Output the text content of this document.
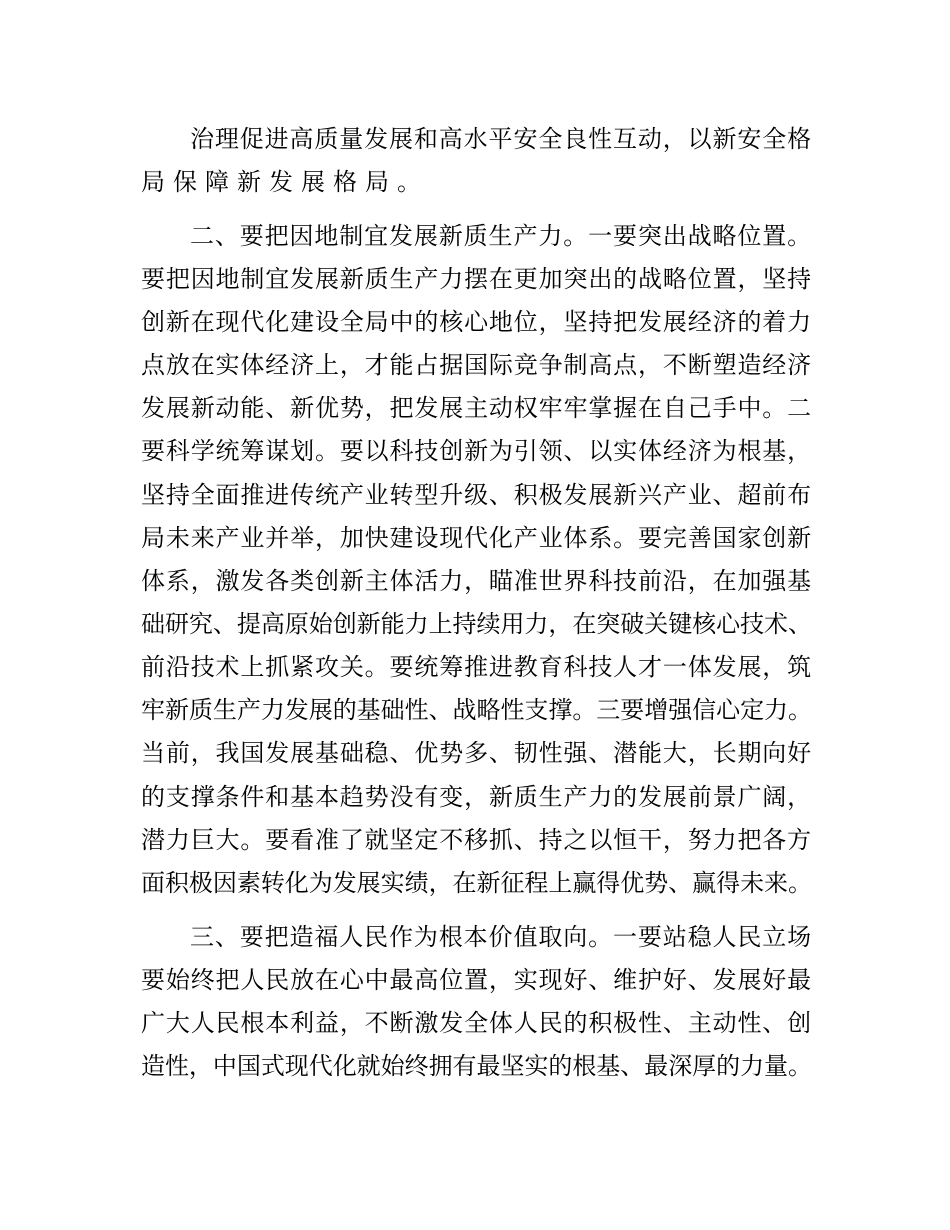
治理促进高质量发展和高水平安全良性互动，以新安全格
局保障新发展格局。
二、要把因地制宜发展新质生产力。一要突出战略位置。
要把因地制宜发展新质生产力摆在更加突出的战略位置，坚持
创新在现代化建设全局中的核心地位，坚持把发展经济的着力
点放在实体经济上，才能占据国际竞争制高点，不断塑造经济
发展新动能、新优势，把发展主动权牢牢掌握在自己手中。二
要科学统筹谋划。要以科技创新为引领、以实体经济为根基，
坚持全面推进传统产业转型升级、积极发展新兴产业、超前布
局未来产业并举，加快建设现代化产业体系。要完善国家创新
体系，激发各类创新主体活力，瞄准世界科技前沿，在加强基
础研究、提高原始创新能力上持续用力，在突破关键核心技术、
前沿技术上抓紧攻关。要统筹推进教育科技人才一体发展，筑
牢新质生产力发展的基础性、战略性支撑。三要增强信心定力。
当前，我国发展基础稳、优势多、韧性强、潜能大，长期向好
的支撑条件和基本趋势没有变，新质生产力的发展前景广阔，
潜力巨大。要看准了就坚定不移抓、持之以恒干，努力把各方
面积极因素转化为发展实绩，在新征程上赢得优势、赢得未来。
三、要把造福人民作为根本价值取向。一要站稳人民立场
要始终把人民放在心中最高位置，实现好、维护好、发展好最
广大人民根本利益，不断激发全体人民的积极性、主动性、创
造性，中国式现代化就始终拥有最坚实的根基、最深厚的力量。
